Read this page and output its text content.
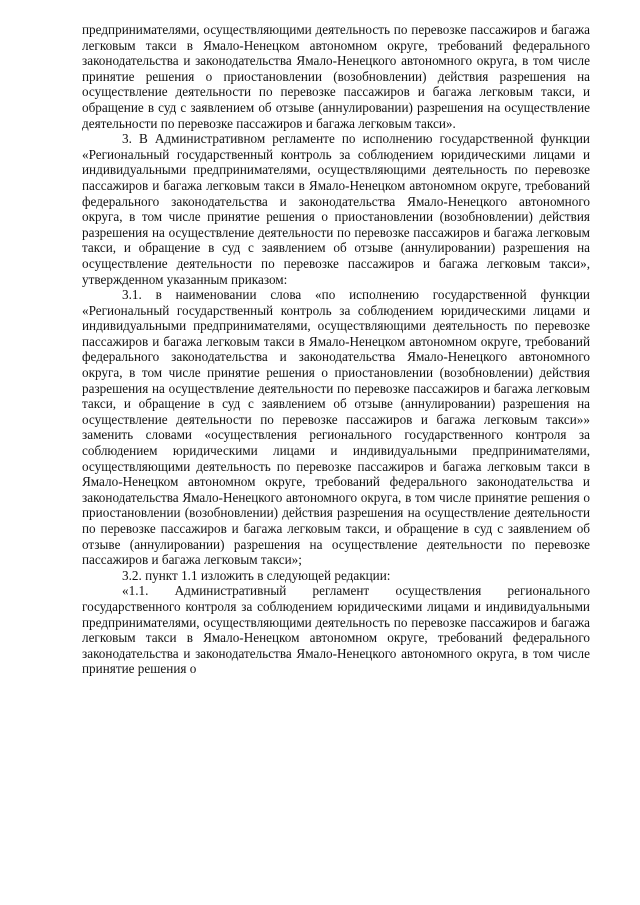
предпринимателями, осуществляющими деятельность по перевозке пассажиров и багажа легковым такси в Ямало-Ненецком автономном округе, требований федерального законодательства и законодательства Ямало-Ненецкого автономного округа, в том числе принятие решения о приостановлении (возобновлении) действия разрешения на осуществление деятельности по перевозке пассажиров и багажа легковым такси, и обращение в суд с заявлением об отзыве (аннулировании) разрешения на осуществление деятельности по перевозке пассажиров и багажа легковым такси».

3. В Административном регламенте по исполнению государственной функции «Региональный государственный контроль за соблюдением юридическими лицами и индивидуальными предпринимателями, осуществляющими деятельность по перевозке пассажиров и багажа легковым такси в Ямало-Ненецком автономном округе, требований федерального законодательства и законодательства Ямало-Ненецкого автономного округа, в том числе принятие решения о приостановлении (возобновлении) действия разрешения на осуществление деятельности по перевозке пассажиров и багажа легковым такси, и обращение в суд с заявлением об отзыве (аннулировании) разрешения на осуществление деятельности по перевозке пассажиров и багажа легковым такси», утвержденном указанным приказом:

3.1. в наименовании слова «по исполнению государственной функции «Региональный государственный контроль за соблюдением юридическими лицами и индивидуальными предпринимателями, осуществляющими деятельность по перевозке пассажиров и багажа легковым такси в Ямало-Ненецком автономном округе, требований федерального законодательства и законодательства Ямало-Ненецкого автономного округа, в том числе принятие решения о приостановлении (возобновлении) действия разрешения на осуществление деятельности по перевозке пассажиров и багажа легковым такси, и обращение в суд с заявлением об отзыве (аннулировании) разрешения на осуществление деятельности по перевозке пассажиров и багажа легковым такси»» заменить словами «осуществления регионального государственного контроля за соблюдением юридическими лицами и индивидуальными предпринимателями, осуществляющими деятельность по перевозке пассажиров и багажа легковым такси в Ямало-Ненецком автономном округе, требований федерального законодательства и законодательства Ямало-Ненецкого автономного округа, в том числе принятие решения о приостановлении (возобновлении) действия разрешения на осуществление деятельности по перевозке пассажиров и багажа легковым такси, и обращение в суд с заявлением об отзыве (аннулировании) разрешения на осуществление деятельности по перевозке пассажиров и багажа легковым такси»;

3.2. пункт 1.1 изложить в следующей редакции:

«1.1. Административный регламент осуществления регионального государственного контроля за соблюдением юридическими лицами и индивидуальными предпринимателями, осуществляющими деятельность по перевозке пассажиров и багажа легковым такси в Ямало-Ненецком автономном округе, требований федерального законодательства и законодательства Ямало-Ненецкого автономного округа, в том числе принятие решения о
